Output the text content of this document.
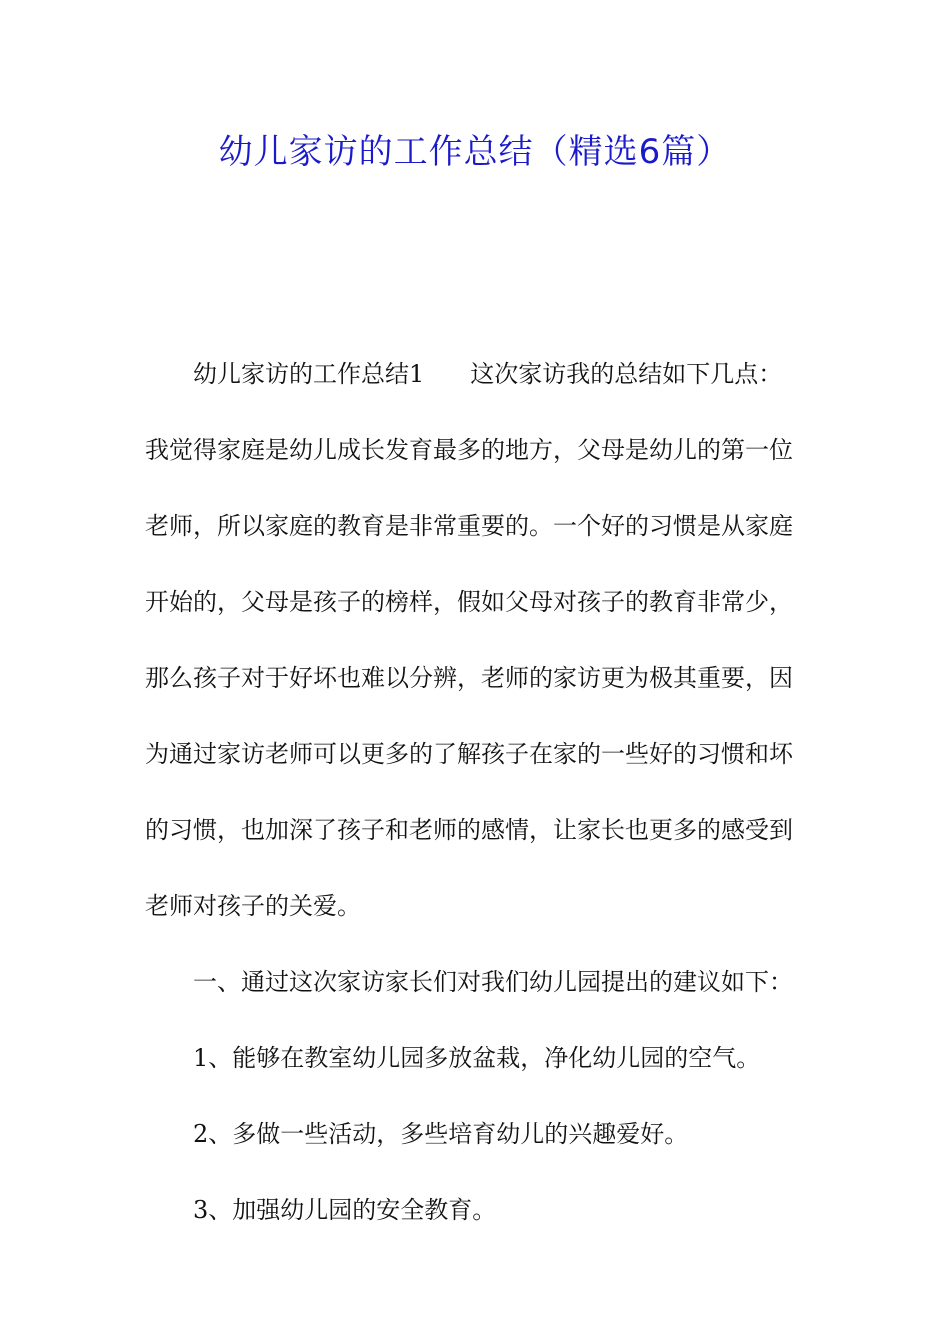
幼儿家访的工作总结（精选6篇）

幼儿家访的工作总结1 这次家访我的总结如下几点：
我觉得家庭是幼儿成长发育最多的地方，父母是幼儿的第一位
老师，所以家庭的教育是非常重要的。一个好的习惯是从家庭
开始的，父母是孩子的榜样，假如父母对孩子的教育非常少，
那么孩子对于好坏也难以分辨，老师的家访更为极其重要，因
为通过家访老师可以更多的了解孩子在家的一些好的习惯和坏
的习惯，也加深了孩子和老师的感情，让家长也更多的感受到
老师对孩子的关爱。

一、通过这次家访家长们对我们幼儿园提出的建议如下：

1、能够在教室幼儿园多放盆栽，净化幼儿园的空气。

2、多做一些活动，多些培育幼儿的兴趣爱好。

3、加强幼儿园的安全教育。
